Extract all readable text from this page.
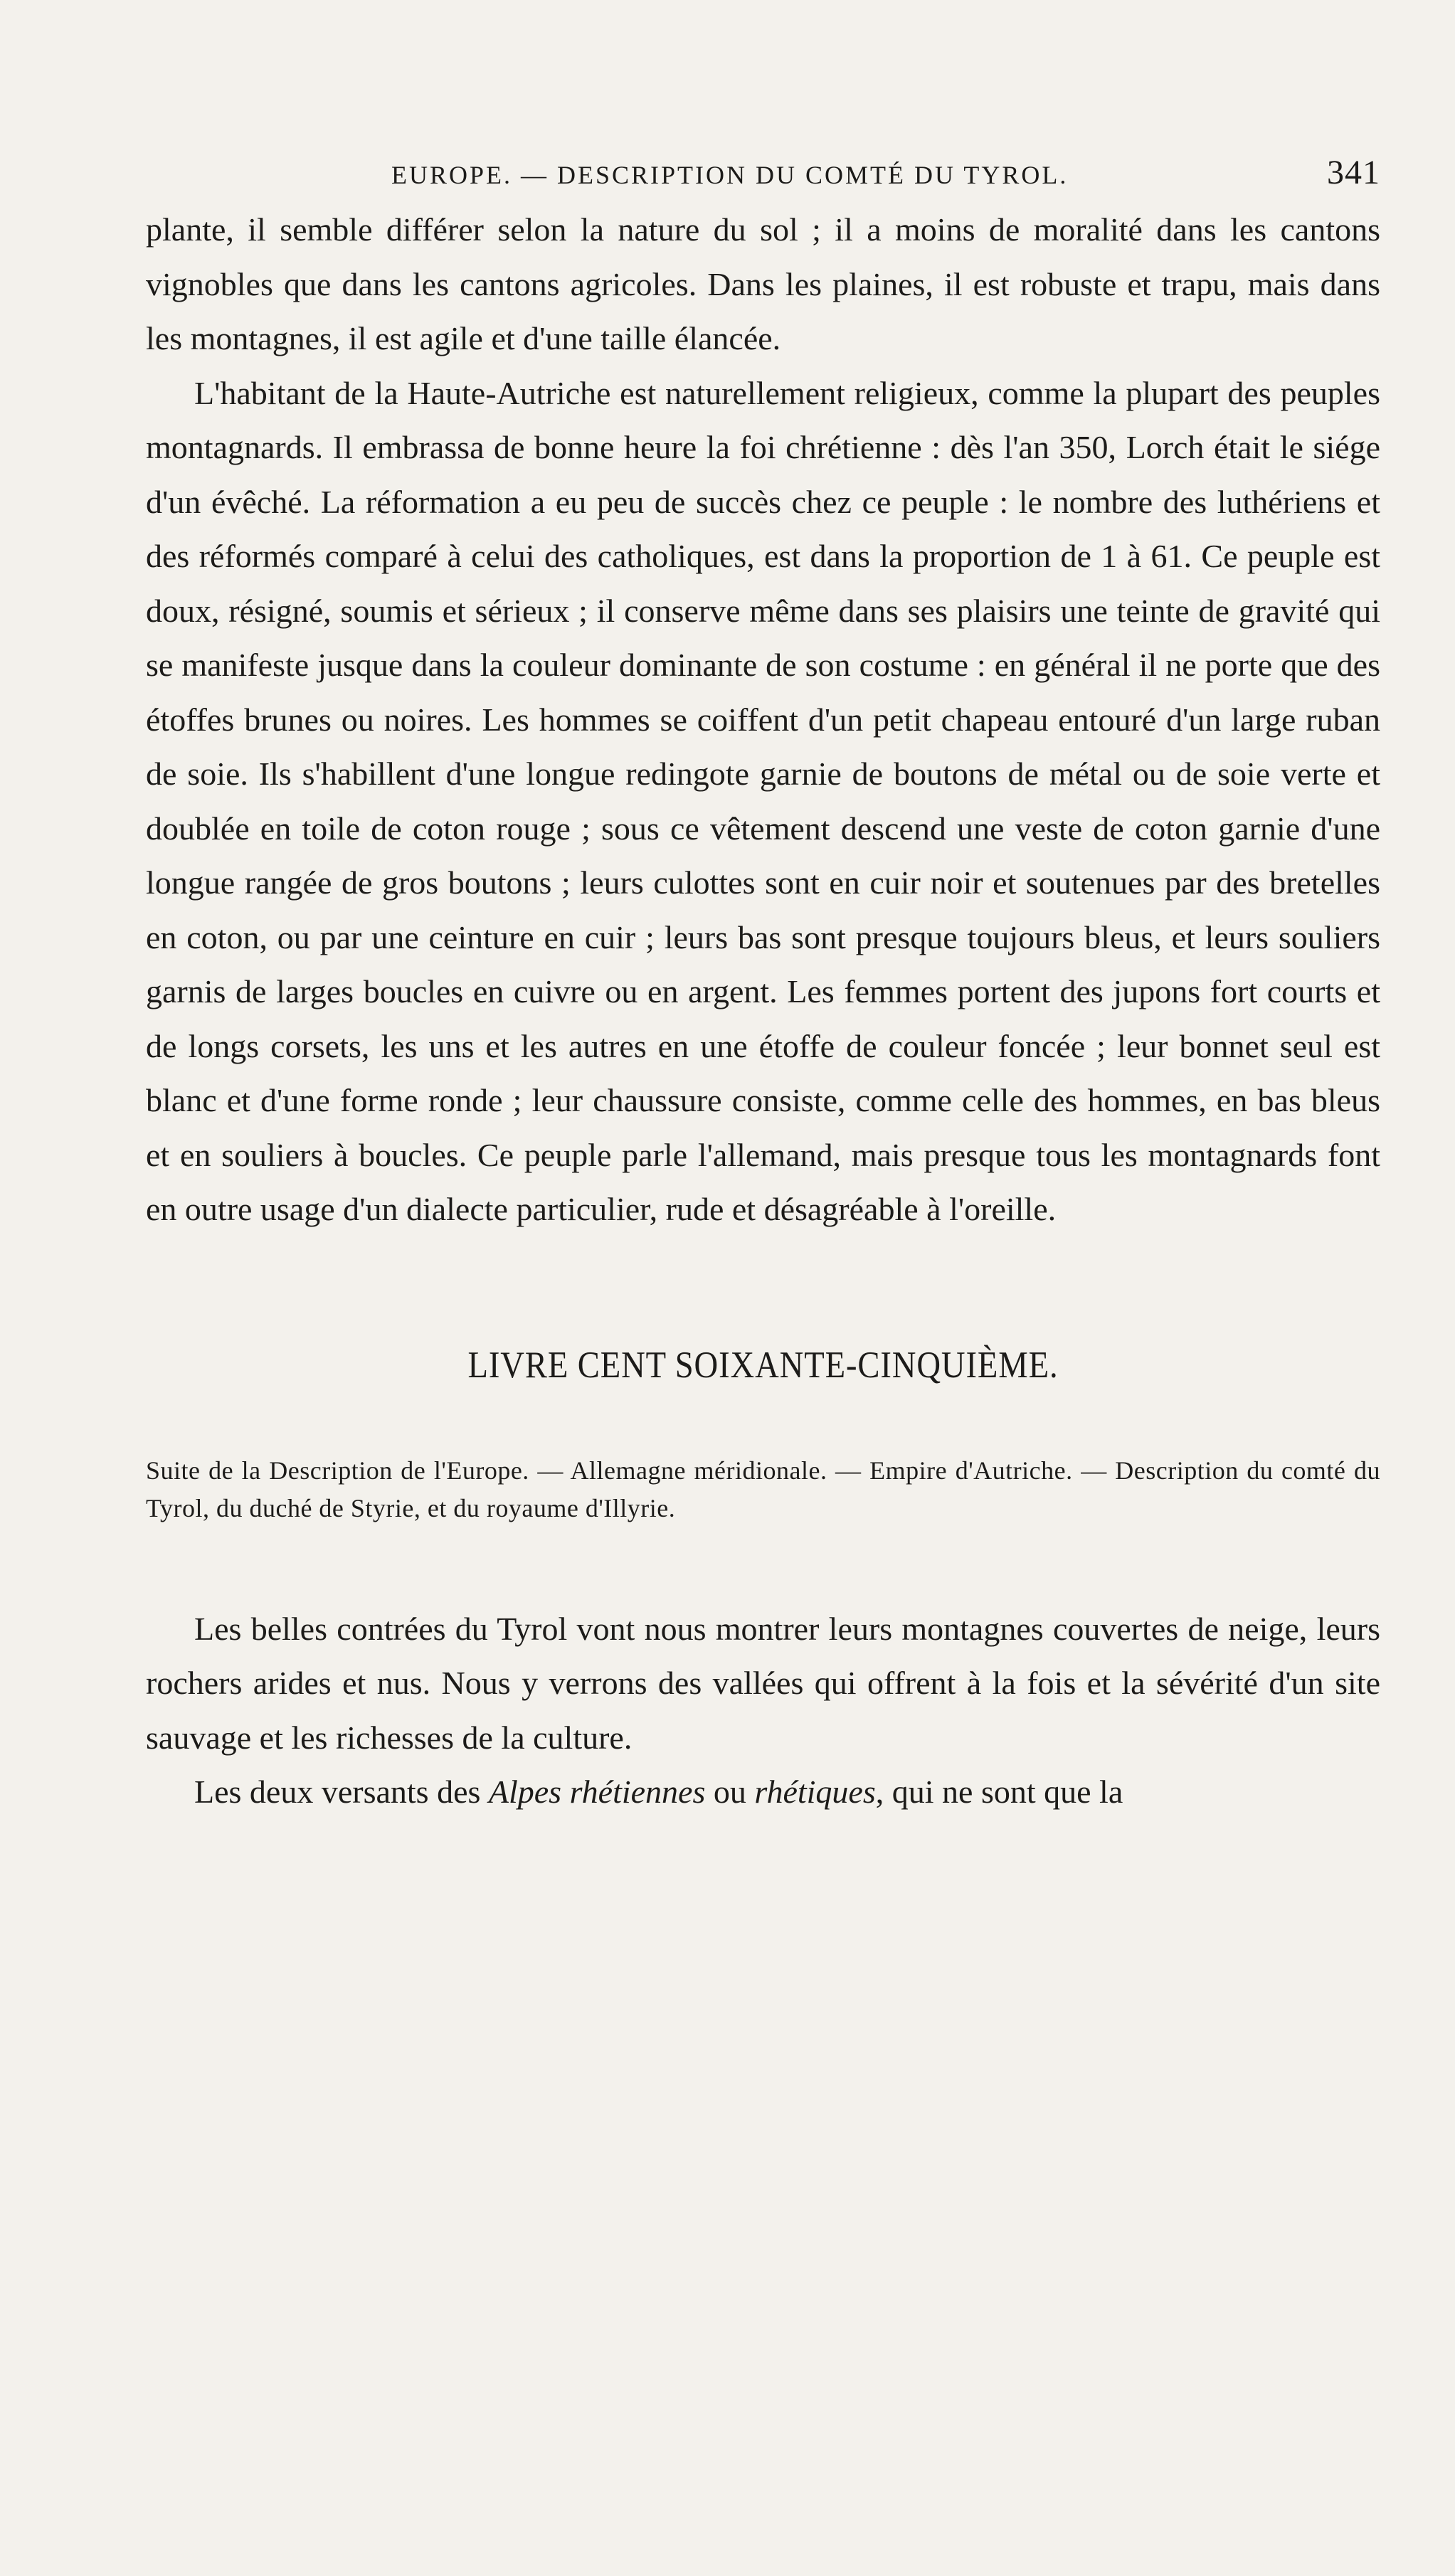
EUROPE. — DESCRIPTION DU COMTÉ DU TYROL.	341

plante, il semble différer selon la nature du sol ; il a moins de moralité dans les cantons vignobles que dans les cantons agricoles. Dans les plaines, il est robuste et trapu, mais dans les montagnes, il est agile et d'une taille élancée.

L'habitant de la Haute-Autriche est naturellement religieux, comme la plupart des peuples montagnards. Il embrassa de bonne heure la foi chrétienne : dès l'an 350, Lorch était le siége d'un évêché. La réformation a eu peu de succès chez ce peuple : le nombre des luthériens et des réformés comparé à celui des catholiques, est dans la proportion de 1 à 61. Ce peuple est doux, résigné, soumis et sérieux ; il conserve même dans ses plaisirs une teinte de gravité qui se manifeste jusque dans la couleur dominante de son costume : en général il ne porte que des étoffes brunes ou noires. Les hommes se coiffent d'un petit chapeau entouré d'un large ruban de soie. Ils s'habillent d'une longue redingote garnie de boutons de métal ou de soie verte et doublée en toile de coton rouge ; sous ce vêtement descend une veste de coton garnie d'une longue rangée de gros boutons ; leurs culottes sont en cuir noir et soutenues par des bretelles en coton, ou par une ceinture en cuir ; leurs bas sont presque toujours bleus, et leurs souliers garnis de larges boucles en cuivre ou en argent. Les femmes portent des jupons fort courts et de longs corsets, les uns et les autres en une étoffe de couleur foncée ; leur bonnet seul est blanc et d'une forme ronde ; leur chaussure consiste, comme celle des hommes, en bas bleus et en souliers à boucles. Ce peuple parle l'allemand, mais presque tous les montagnards font en outre usage d'un dialecte particulier, rude et désagréable à l'oreille.

LIVRE CENT SOIXANTE-CINQUIÈME.

Suite de la Description de l'Europe. — Allemagne méridionale. — Empire d'Autriche. — Description du comté du Tyrol, du duché de Styrie, et du royaume d'Illyrie.

Les belles contrées du Tyrol vont nous montrer leurs montagnes couvertes de neige, leurs rochers arides et nus. Nous y verrons des vallées qui offrent à la fois et la sévérité d'un site sauvage et les richesses de la culture.

Les deux versants des Alpes rhétiennes ou rhétiques, qui ne sont que la
